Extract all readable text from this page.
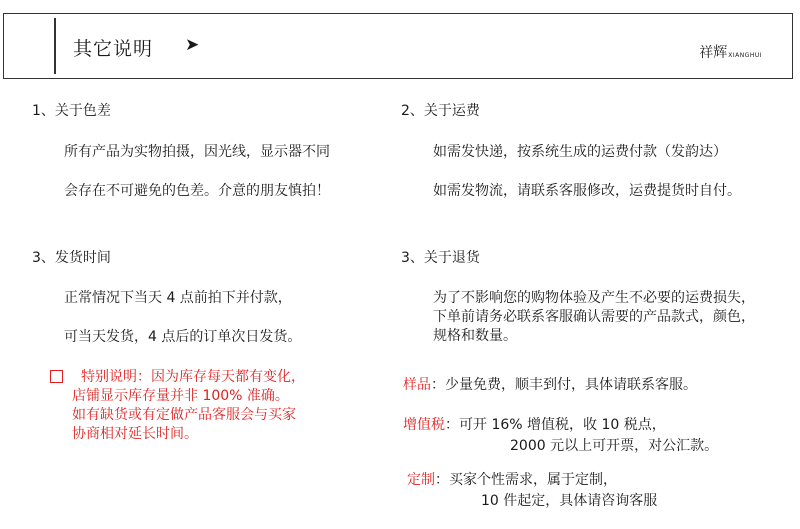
其它说明 ➤	祥辉XIANGHUI
1、关于色差
所有产品为实物拍摄，因光线，显示器不同
会存在不可避免的色差。介意的朋友慎拍！
2、关于运费
如需发快递，按系统生成的运费付款（发韵达）
如需发物流，请联系客服修改，运费提货时自付。
3、发货时间
正常情况下当天 4 点前拍下并付款，
可当天发货，4 点后的订单次日发货。
特别说明：因为库存每天都有变化，
店铺显示库存量并非 100% 准确。
如有缺货或有定做产品客服会与买家
协商相对延长时间。
3、关于退货
为了不影响您的购物体验及产生不必要的运费损失，
下单前请务必联系客服确认需要的产品款式，颜色，
规格和数量。
样品：少量免费，顺丰到付，具体请联系客服。
增值税：可开 16% 增值税，收 10 税点，
2000 元以上可开票，对公汇款。
定制：买家个性需求，属于定制，
10 件起定，具体请咨询客服
